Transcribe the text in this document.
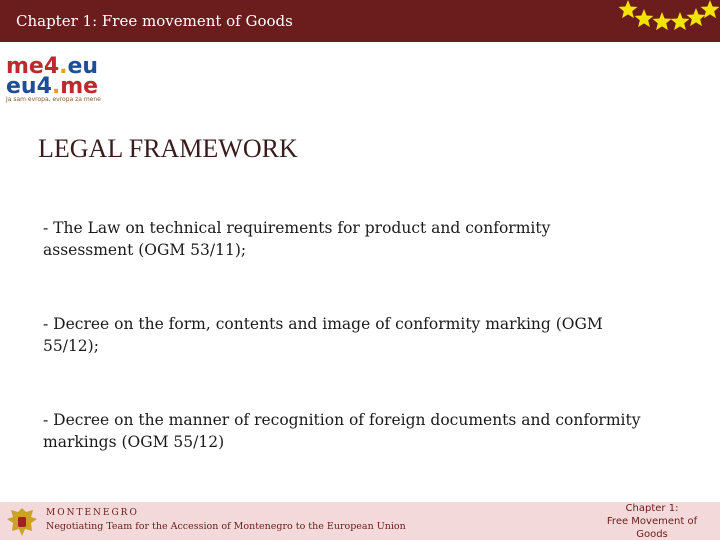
Chapter 1: Free movement of Goods
me4.eu
eu4.me
Ja sam evropa, evropa za mene
LEGAL FRAMEWORK
- The Law on technical requirements for product and conformity
assessment (OGM 53/11);
- Decree on the form, contents and image of conformity marking (OGM
55/12);
- Decree on the manner of recognition of foreign documents and conformity
markings (OGM 55/12)
MONTENEGRO
Negotiating Team for the Accession of Montenegro to the European Union
Chapter 1:
Free Movement of
Goods
